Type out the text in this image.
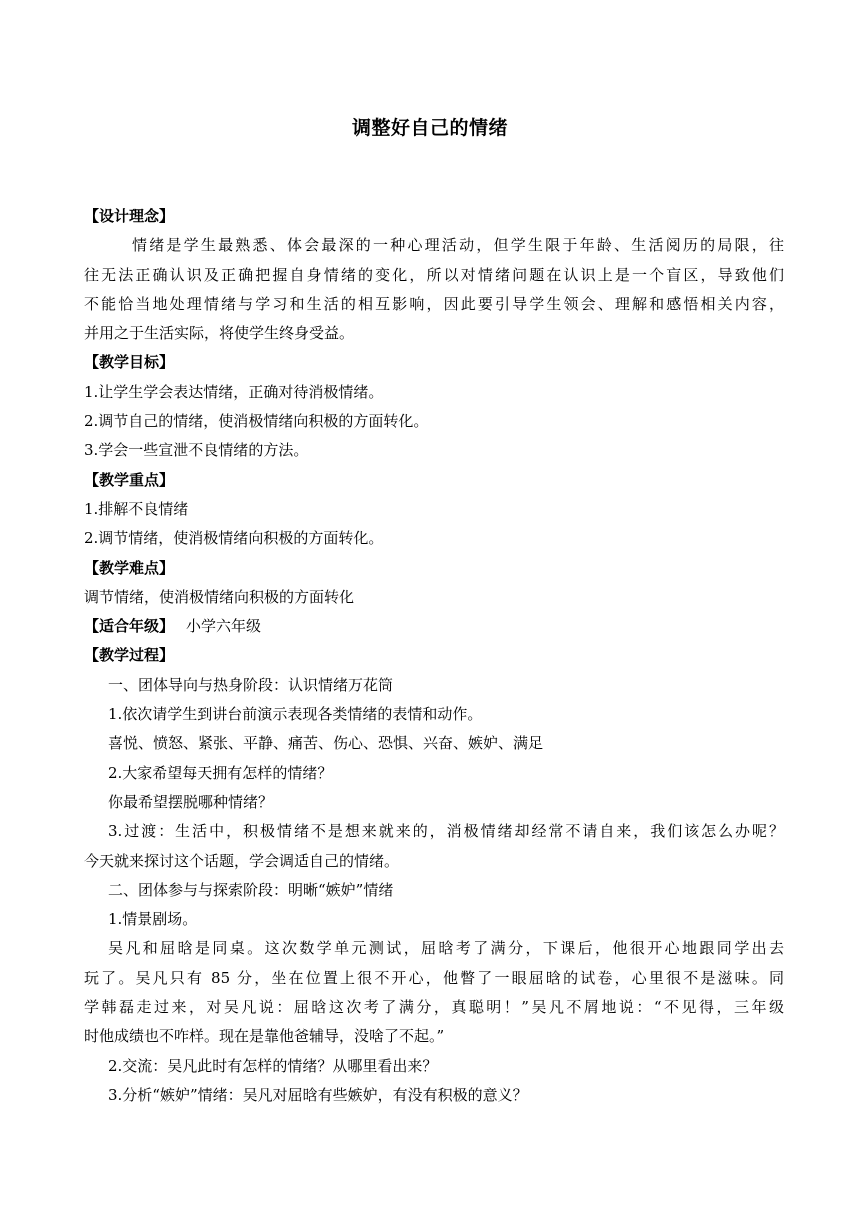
调整好自己的情绪
【设计理念】
情绪是学生最熟悉、体会最深的一种心理活动，但学生限于年龄、生活阅历的局限，往
往无法正确认识及正确把握自身情绪的变化，所以对情绪问题在认识上是一个盲区，导致他们
不能恰当地处理情绪与学习和生活的相互影响，因此要引导学生领会、理解和感悟相关内容，
并用之于生活实际，将使学生终身受益。
【教学目标】
1.让学生学会表达情绪，正确对待消极情绪。
2.调节自己的情绪，使消极情绪向积极的方面转化。
3.学会一些宣泄不良情绪的方法。
【教学重点】
1.排解不良情绪
2.调节情绪，使消极情绪向积极的方面转化。
【教学难点】
调节情绪，使消极情绪向积极的方面转化
【适合年级】 小学六年级
【教学过程】
一、团体导向与热身阶段：认识情绪万花筒
1.依次请学生到讲台前演示表现各类情绪的表情和动作。
喜悦、愤怒、紧张、平静、痛苦、伤心、恐惧、兴奋、嫉妒、满足
2.大家希望每天拥有怎样的情绪？
你最希望摆脱哪种情绪？
3.过渡：生活中，积极情绪不是想来就来的，消极情绪却经常不请自来，我们该怎么办呢？
今天就来探讨这个话题，学会调适自己的情绪。
二、团体参与与探索阶段：明晰“嫉妒”情绪
1.情景剧场。
吴凡和屈晗是同桌。这次数学单元测试，屈晗考了满分，下课后，他很开心地跟同学出去
玩了。吴凡只有 85 分，坐在位置上很不开心，他瞥了一眼屈晗的试卷，心里很不是滋味。同
学韩磊走过来，对吴凡说：屈晗这次考了满分，真聪明！”吴凡不屑地说：“不见得，三年级
时他成绩也不咋样。现在是靠他爸辅导，没啥了不起。”
2.交流：吴凡此时有怎样的情绪？从哪里看出来？
3.分析“嫉妒”情绪：吴凡对屈晗有些嫉妒，有没有积极的意义？
